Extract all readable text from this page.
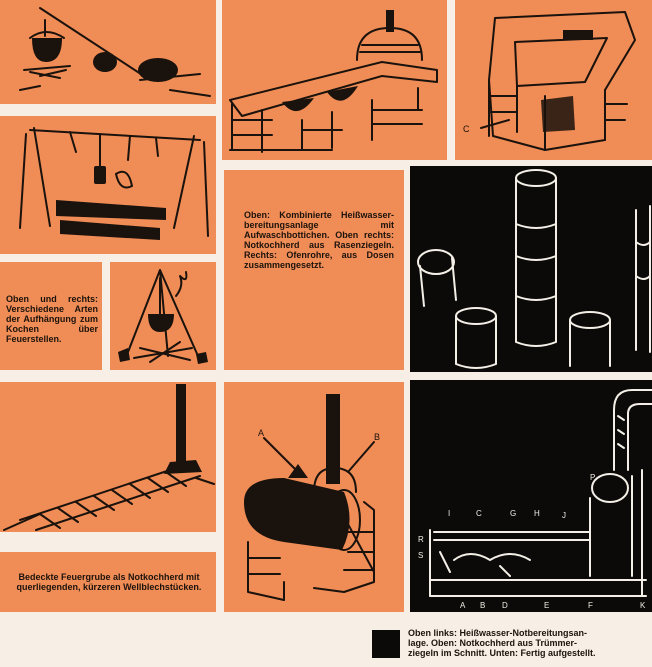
C

Oben: Kombinierte Heißwasserbereitungsanlage mit Aufwaschbottichen. Oben rechts: Notkochherd aus Rasenziegeln. Rechts: Ofenrohre, aus Dosen zusammengesetzt.

Oben und rechts: Verschiedene Arten der Aufhängung zum Kochen über Feuerstellen.

A	B
I	C	G H	J
P
R
S
A B D	E	F	K

Bedeckte Feuergrube als Notkochherd mit querliegenden, kürzeren Wellblechstücken.

Oben links: Heißwasser-Notbereitungsanlage. Oben: Notkochherd aus Trümmerziegeln im Schnitt. Unten: Fertig aufgestellt.
